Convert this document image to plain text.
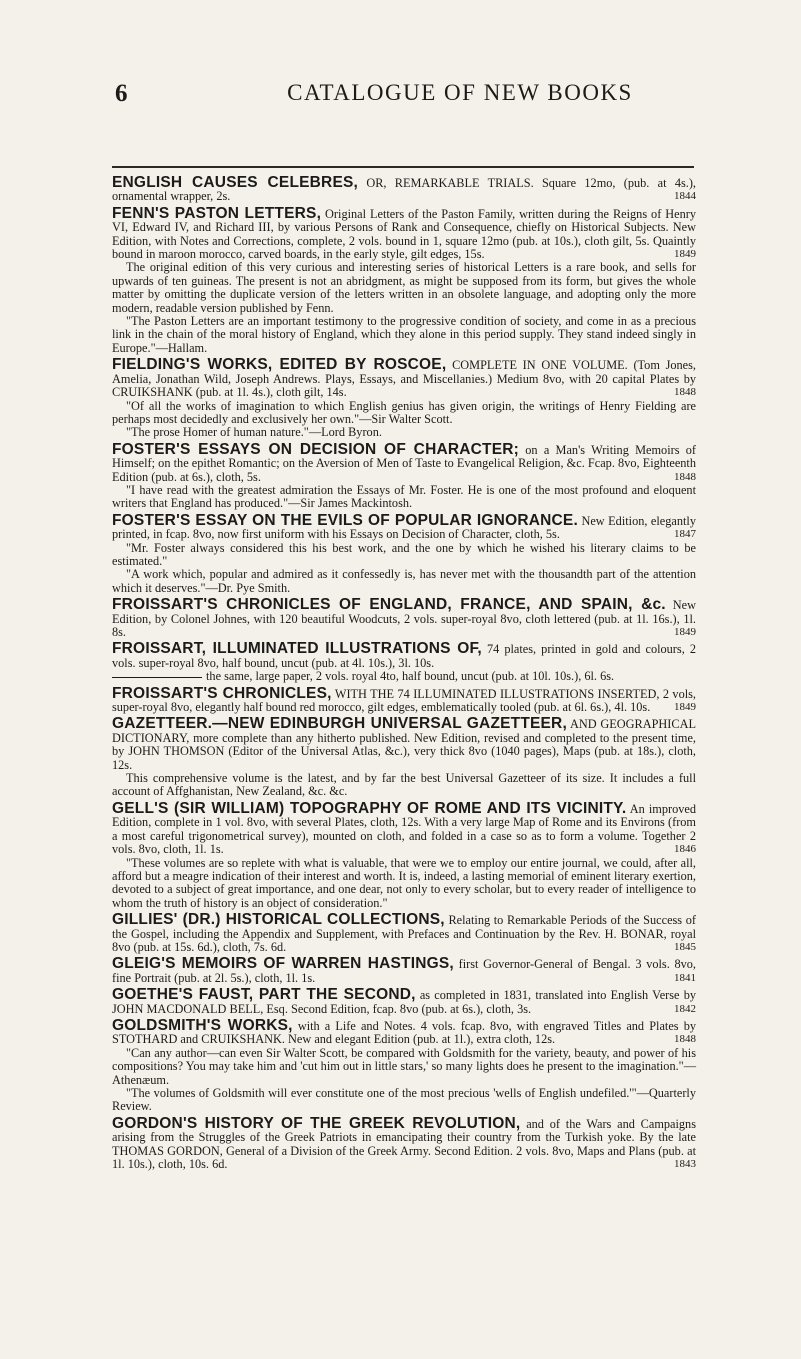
6	CATALOGUE OF NEW BOOKS

ENGLISH CAUSES CELEBRES, OR, REMARKABLE TRIALS. Square 12mo, (pub. at 4s.), ornamental wrapper, 2s.	1844

FENN'S PASTON LETTERS, Original Letters of the Paston Family, written during the Reigns of Henry VI, Edward IV, and Richard III, by various Persons of Rank and Consequence, chiefly on Historical Subjects. New Edition, with Notes and Corrections, complete, 2 vols. bound in 1, square 12mo (pub. at 10s.), cloth gilt, 5s. Quaintly bound in maroon morocco, carved boards, in the early style, gilt edges, 15s.	1849

The original edition of this very curious and interesting series of historical Letters is a rare book, and sells for upwards of ten guineas. The present is not an abridgment, as might be supposed from its form, but gives the whole matter by omitting the duplicate version of the letters written in an obsolete language, and adopting only the more modern, readable version published by Fenn.

"The Paston Letters are an important testimony to the progressive condition of society, and come in as a precious link in the chain of the moral history of England, which they alone in this period supply. They stand indeed singly in Europe."—Hallam.

FIELDING'S WORKS, EDITED BY ROSCOE, COMPLETE IN ONE VOLUME. (Tom Jones, Amelia, Jonathan Wild, Joseph Andrews. Plays, Essays, and Miscellanies.) Medium 8vo, with 20 capital Plates by CRUIKSHANK (pub. at 1l. 4s.), cloth gilt, 14s.	1848

"Of all the works of imagination to which English genius has given origin, the writings of Henry Fielding are perhaps most decidedly and exclusively her own."—Sir Walter Scott.

"The prose Homer of human nature."—Lord Byron.

FOSTER'S ESSAYS ON DECISION OF CHARACTER; on a Man's Writing Memoirs of Himself; on the epithet Romantic; on the Aversion of Men of Taste to Evangelical Religion, &c. Fcap. 8vo, Eighteenth Edition (pub. at 6s.), cloth, 5s.	1848

"I have read with the greatest admiration the Essays of Mr. Foster. He is one of the most profound and eloquent writers that England has produced."—Sir James Mackintosh.

FOSTER'S ESSAY ON THE EVILS OF POPULAR IGNORANCE. New Edition, elegantly printed, in fcap. 8vo, now first uniform with his Essays on Decision of Character, cloth, 5s.	1847

"Mr. Foster always considered this his best work, and the one by which he wished his literary claims to be estimated."

"A work which, popular and admired as it confessedly is, has never met with the thousandth part of the attention which it deserves."—Dr. Pye Smith.

FROISSART'S CHRONICLES OF ENGLAND, FRANCE, AND SPAIN, &c. New Edition, by Colonel Johnes, with 120 beautiful Woodcuts, 2 vols. super-royal 8vo, cloth lettered (pub. at 1l. 16s.), 1l. 8s.	1849

FROISSART, ILLUMINATED ILLUSTRATIONS OF, 74 plates, printed in gold and colours, 2 vols. super-royal 8vo, half bound, uncut (pub. at 4l. 10s.), 3l. 10s.

the same, large paper, 2 vols. royal 4to, half bound, uncut (pub. at 10l. 10s.), 6l. 6s.

FROISSART'S CHRONICLES, WITH THE 74 ILLUMINATED ILLUSTRATIONS INSERTED, 2 vols, super-royal 8vo, elegantly half bound red morocco, gilt edges, emblematically tooled (pub. at 6l. 6s.), 4l. 10s. 1849

GAZETTEER.—NEW EDINBURGH UNIVERSAL GAZETTEER, AND GEOGRAPHICAL DICTIONARY, more complete than any hitherto published. New Edition, revised and completed to the present time, by JOHN THOMSON (Editor of the Universal Atlas, &c.), very thick 8vo (1040 pages), Maps (pub. at 18s.), cloth, 12s.

This comprehensive volume is the latest, and by far the best Universal Gazetteer of its size. It includes a full account of Affghanistan, New Zealand, &c. &c.

GELL'S (SIR WILLIAM) TOPOGRAPHY OF ROME AND ITS VICINITY. An improved Edition, complete in 1 vol. 8vo, with several Plates, cloth, 12s. With a very large Map of Rome and its Environs (from a most careful trigonometrical survey), mounted on cloth, and folded in a case so as to form a volume. Together 2 vols. 8vo, cloth, 1l. 1s.	1846

"These volumes are so replete with what is valuable, that were we to employ our entire journal, we could, after all, afford but a meagre indication of their interest and worth. It is, indeed, a lasting memorial of eminent literary exertion, devoted to a subject of great importance, and one dear, not only to every scholar, but to every reader of intelligence to whom the truth of history is an object of consideration."

GILLIES' (DR.) HISTORICAL COLLECTIONS, Relating to Remarkable Periods of the Success of the Gospel, including the Appendix and Supplement, with Prefaces and Continuation by the Rev. H. BONAR, royal 8vo (pub. at 15s. 6d.), cloth, 7s. 6d.	1845

GLEIG'S MEMOIRS OF WARREN HASTINGS, first Governor-General of Bengal. 3 vols. 8vo, fine Portrait (pub. at 2l. 5s.), cloth, 1l. 1s.	1841

GOETHE'S FAUST, PART THE SECOND, as completed in 1831, translated into English Verse by JOHN MACDONALD BELL, Esq. Second Edition, fcap. 8vo (pub. at 6s.), cloth, 3s.	1842

GOLDSMITH'S WORKS, with a Life and Notes. 4 vols. fcap. 8vo, with engraved Titles and Plates by STOTHARD and CRUIKSHANK. New and elegant Edition (pub. at 1l.), extra cloth, 12s.	1848

"Can any author—can even Sir Walter Scott, be compared with Goldsmith for the variety, beauty, and power of his compositions? You may take him and 'cut him out in little stars,' so many lights does he present to the imagination."—Athenæum.

"The volumes of Goldsmith will ever constitute one of the most precious 'wells of English undefiled.'"—Quarterly Review.

GORDON'S HISTORY OF THE GREEK REVOLUTION, and of the Wars and Campaigns arising from the Struggles of the Greek Patriots in emancipating their country from the Turkish yoke. By the late THOMAS GORDON, General of a Division of the Greek Army. Second Edition. 2 vols. 8vo, Maps and Plans (pub. at 1l. 10s.), cloth, 10s. 6d.	1843
